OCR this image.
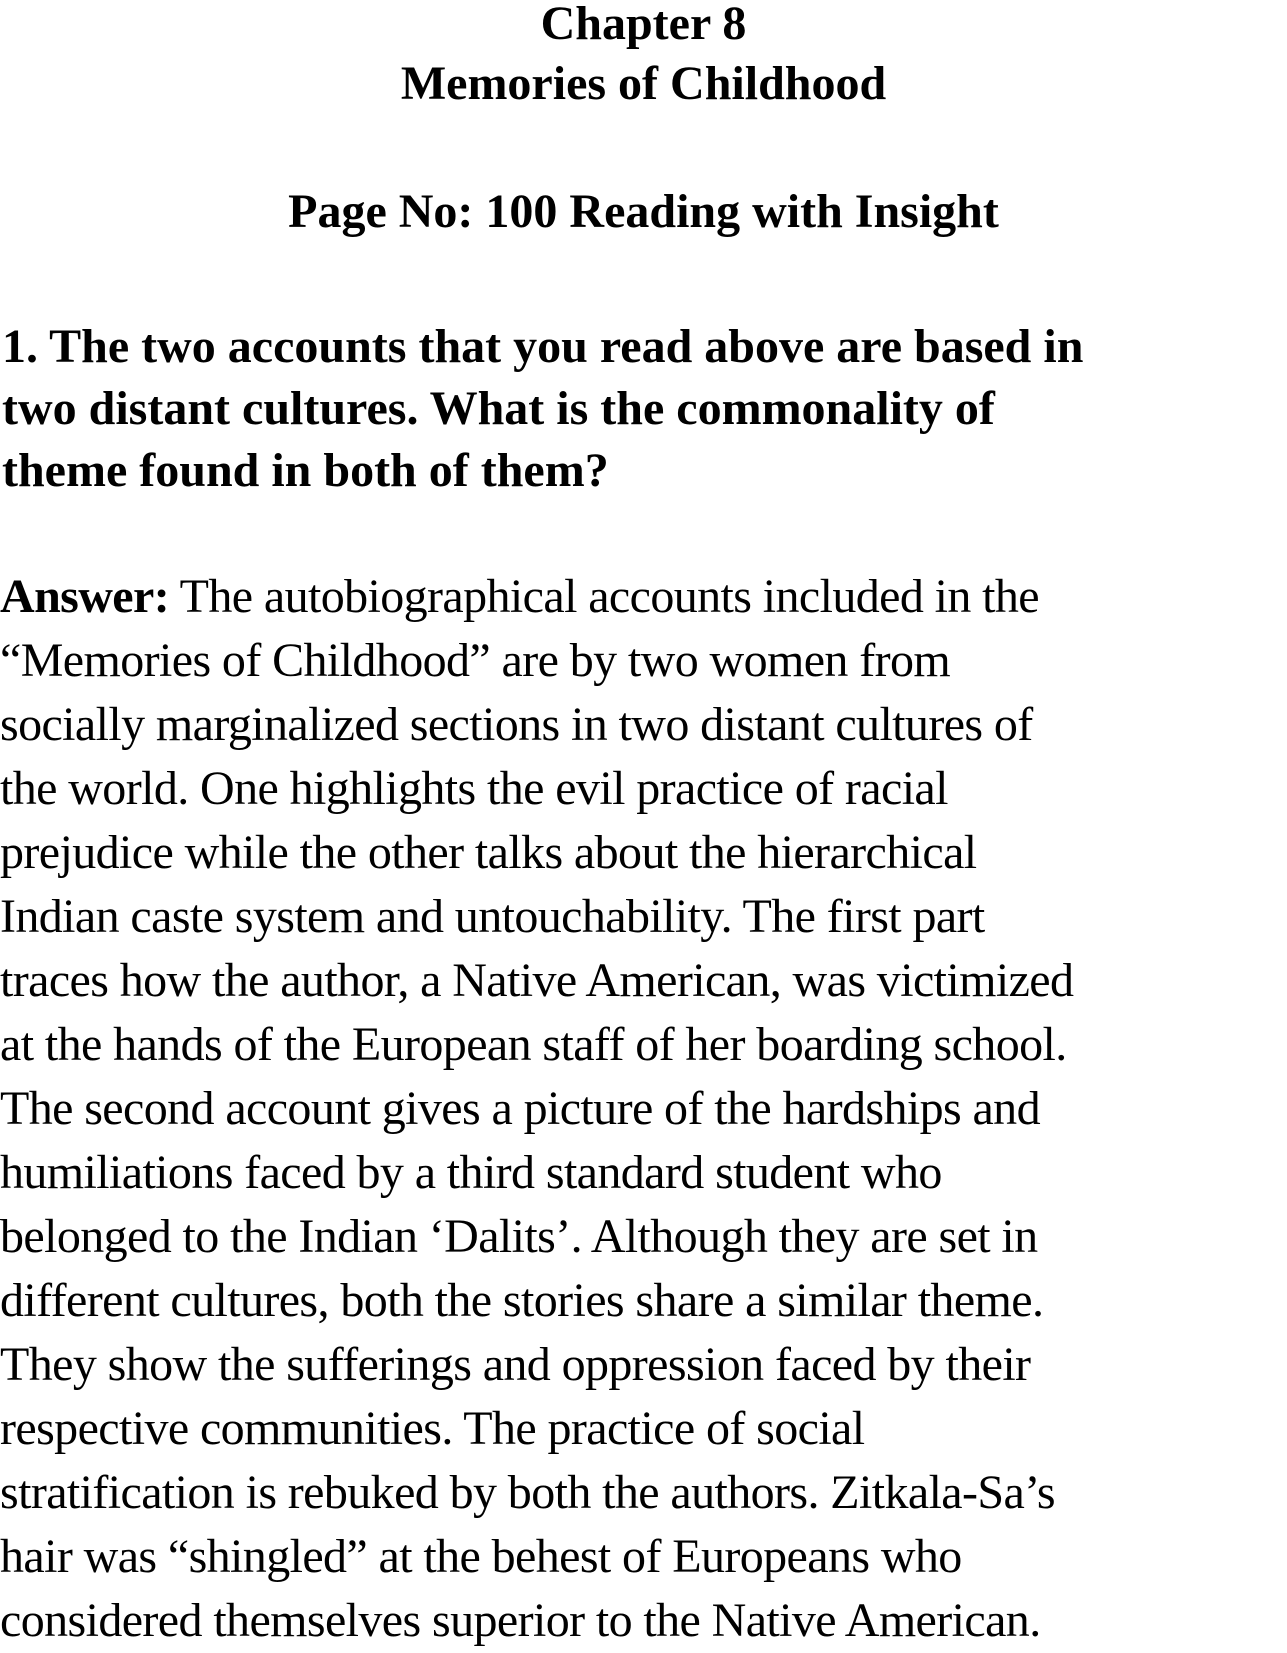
Chapter 8
Memories of Childhood
Page No: 100 Reading with Insight
1. The two accounts that you read above are based in
two distant cultures. What is the commonality of
theme found in both of them?
Answer: The autobiographical accounts included in the
“Memories of Childhood” are by two women from
socially marginalized sections in two distant cultures of
the world. One highlights the evil practice of racial
prejudice while the other talks about the hierarchical
Indian caste system and untouchability. The first part
traces how the author, a Native American, was victimized
at the hands of the European staff of her boarding school.
The second account gives a picture of the hardships and
humiliations faced by a third standard student who
belonged to the Indian ‘Dalits’. Although they are set in
different cultures, both the stories share a similar theme.
They show the sufferings and oppression faced by their
respective communities. The practice of social
stratification is rebuked by both the authors. Zitkala-Sa’s
hair was “shingled” at the behest of Europeans who
considered themselves superior to the Native American.
